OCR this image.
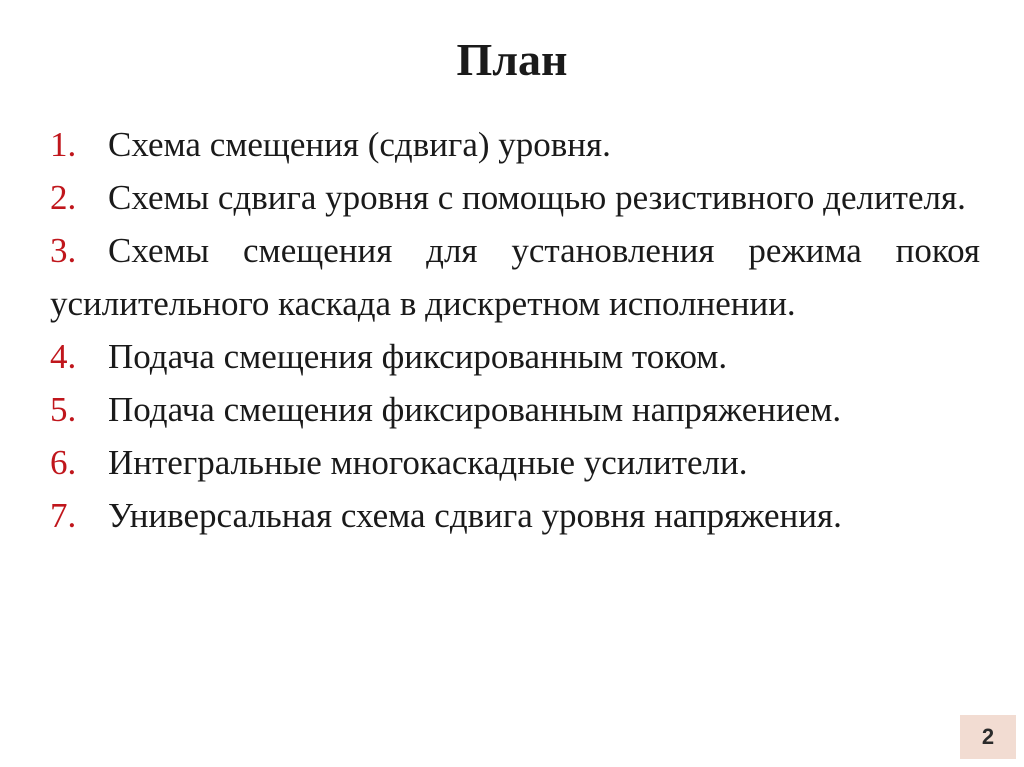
План
1. Схема смещения (сдвига) уровня.
2. Схемы сдвига уровня с помощью резистивного делителя.
3. Схемы смещения для установления режима покоя усилительного каскада в дискретном исполнении.
4. Подача смещения фиксированным током.
5. Подача смещения фиксированным напряжением.
6. Интегральные многокаскадные усилители.
7. Универсальная схема сдвига уровня напряжения.
2
